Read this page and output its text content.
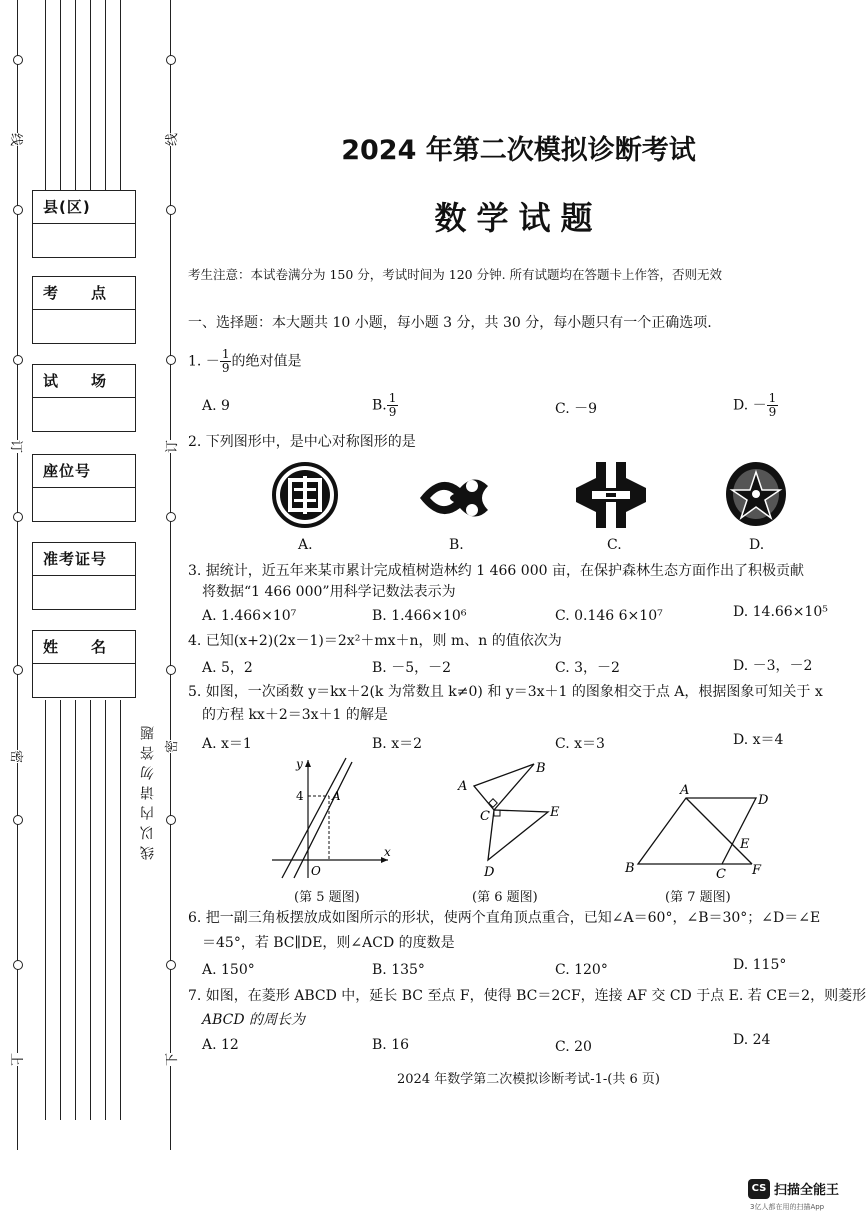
线
订
密
上
线
订
密
下
县(区)
考　　点
试　　场
座位号
准考证号
姓　　名
线以内请勿答题
2024 年第二次模拟诊断考试
数学试题
考生注意：本试卷满分为 150 分，考试时间为 120 分钟. 所有试题均在答题卡上作答，否则无效
一、选择题：本大题共 10 小题，每小题 3 分，共 30 分，每小题只有一个正确选项.
1. － $\frac{1}{9}$ 的绝对值是
A. 9	B. $\frac{1}{9}$	C. －9	D. － $\frac{1}{9}$
2. 下列图形中，是中心对称图形的是
A.	B.	C.	D.
3. 据统计，近五年来某市累计完成植树造林约 1 466 000 亩，在保护森林生态方面作出了积极贡献
将数据“1 466 000”用科学记数法表示为
A. 1.466×10⁷	B. 1.466×10⁶	C. 0.146 6×10⁷	D. 14.66×10⁵
4. 已知(x+2)(2x－1)＝2x²＋mx＋n，则 m、n 的值依次为
A. 5，2	B. －5，－2	C. 3，－2	D. －3，－2
5. 如图，一次函数 y＝kx＋2(k 为常数且 k≠0) 和 y＝3x＋1 的图象相交于点 A，根据图象可知关于 x
的方程 kx＋2＝3x＋1 的解是
A. x＝1	B. x＝2	C. x＝3	D. x＝4
y
4 A
O
x
(第 5 题图)
A
B
C	E
D
(第 6 题图)
A
D
B	C F
E
(第 7 题图)
6. 把一副三角板摆放成如图所示的形状，使两个直角顶点重合，已知∠A＝60°，∠B＝30°；∠D＝∠E
＝45°，若 BC∥DE，则∠ACD 的度数是
A. 150°	B. 135°	C. 120°	D. 115°
7. 如图，在菱形 ABCD 中，延长 BC 至点 F，使得 BC＝2CF，连接 AF 交 CD 于点 E. 若 CE＝2，则菱形
ABCD 的周长为
A. 12	B. 16	C. 20	D. 24
2024 年数学第二次模拟诊断考试-1-(共 6 页)
CS 扫描全能王
3亿人都在用的扫描App
